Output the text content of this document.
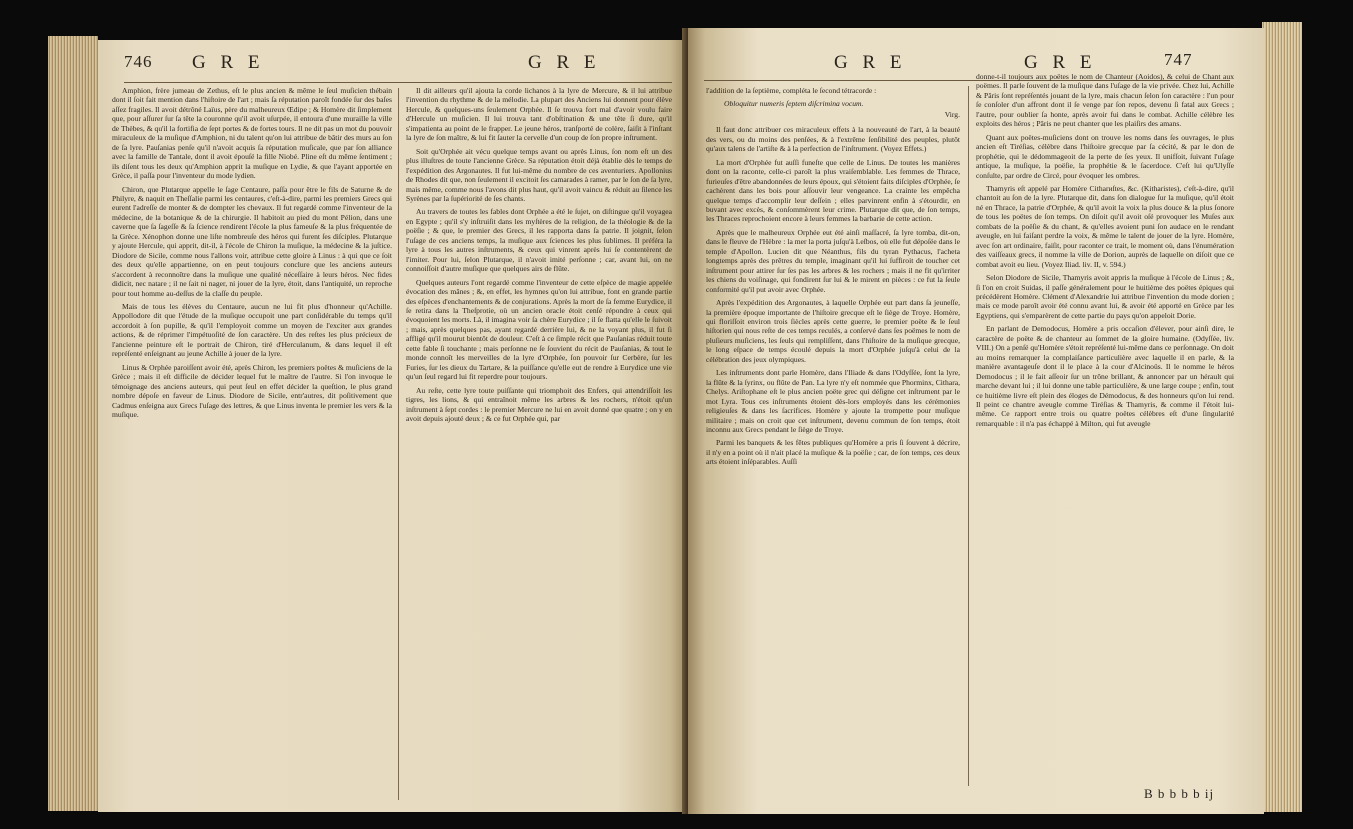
746 G R E	G R E

Amphion, frère jumeau de Zethus, eſt le plus ancien & même le ſeul muſicien thébain dont il ſoit fait mention dans l'hiſtoire de l'art ; mais ſa réputation paroît fondée ſur des baſes aſſez fragiles. Il avoit détrôné Laïus, père du malheureux Œdipe ; & Homère dit ſimplement que, pour aſſurer ſur ſa tête la couronne qu'il avoit uſurpée, il entoura d'une muraille la ville de Thèbes, & qu'il la fortifia de ſept portes & de fortes tours. Il ne dit pas un mot du pouvoir miraculeux de la muſique d'Amphion, ni du talent qu'on lui attribue de bâtir des murs au ſon de ſa lyre. Pauſanias penſe qu'il n'avoit acquis ſa réputation muſicale, que par ſon alliance avec la famille de Tantale, dont il avoit épouſé la fille Niobé. Pline eſt du même ſentiment ; ils diſent tous les deux qu'Amphion apprit la muſique en Lydie, & que l'ayant apportée en Grèce, il paſſa pour l'inventeur du mode lydien.

Chiron, que Plutarque appelle le ſage Centaure, paſſa pour être le fils de Saturne & de Philyre, & naquit en Theſſalie parmi les centaures, c'eſt-à-dire, parmi les premiers Grecs qui eurent l'adreſſe de monter & de dompter les chevaux. Il fut regardé comme l'inventeur de la médecine, de la botanique & de la chirurgie. Il habitoit au pied du mont Pélion, dans une caverne que ſa ſageſſe & ſa ſcience rendirent l'école la plus fameuſe & la plus fréquentée de la Grèce. Xénophon donne une liſte nombreuſe des héros qui furent ſes diſciples. Plutarque y ajoute Hercule, qui apprit, dit-il, à l'école de Chiron la muſique, la médecine & la juſtice. Diodore de Sicile, comme nous l'allons voir, attribue cette gloire à Linus : à qui que ce ſoit des deux qu'elle appartienne, on en peut toujours conclure que les anciens auteurs s'accordent à reconnoître dans la muſique une qualité néceſſaire à leurs héros. Nec fides didicit, nec natare ; il ne ſait ni nager, ni jouer de la lyre, étoit, dans l'antiquité, un reproche pour tout homme au-deſſus de la claſſe du peuple.

Mais de tous les élèves du Centaure, aucun ne lui fit plus d'honneur qu'Achille. Appollodore dit que l'étude de la muſique occupoit une part conſidérable du temps qu'il accordoit à ſon pupille, & qu'il l'employoit comme un moyen de l'exciter aux grandes actions, & de réprimer l'impétuoſité de ſon caractère. Un des reſtes les plus précieux de l'ancienne peinture eſt le portrait de Chiron, tiré d'Herculanum, & dans lequel il eſt repréſenté enſeignant au jeune Achille à jouer de la lyre.

Linus & Orphée paroiſſent avoir été, après Chiron, les premiers poëtes & muſiciens de la Grèce ; mais il eſt difficile de décider lequel fut le maître de l'autre. Si l'on invoque le témoignage des anciens auteurs, qui peut ſeul en effet décider la queſtion, le plus grand nombre dépoſe en faveur de Linus. Diodore de Sicile, entr'autres, dit poſitivement que Cadmus enſeigna aux Grecs l'uſage des lettres, & que Linus inventa le premier les vers & la muſique.

Il dit ailleurs qu'il ajouta la corde lichanos à la lyre de Mercure, & il lui attribue l'invention du rhythme & de la mélodie. La plupart des Anciens lui donnent pour élève Hercule, & quelques-uns ſeulement Orphée. Il ſe trouva fort mal d'avoir voulu faire d'Hercule un muſicien. Il lui trouva tant d'obſtination & une tête ſi dure, qu'il s'impatienta au point de le frapper. Le jeune héros, tranſporté de colère, ſaiſit à l'inſtant la lyre de ſon maître, & lui fit ſauter la cervelle d'un coup de ſon propre inſtrument.

Soit qu'Orphée ait vécu quelque temps avant ou après Linus, ſon nom eſt un des plus illuſtres de toute l'ancienne Grèce. Sa réputation étoit déjà établie dès le temps de l'expédition des Argonautes. Il fut lui-même du nombre de ces aventuriers. Apollonius de Rhodes dit que, non ſeulement il excitoit ſes camarades à ramer, par le ſon de ſa lyre, mais même, comme nous l'avons dit plus haut, qu'il avoit vaincu & réduit au ſilence les Syrènes par la ſupériorité de ſes chants.

Au travers de toutes les fables dont Orphée a été le ſujet, on diſtingue qu'il voyagea en Egypte ; qu'il s'y inſtruiſit dans les myſtères de la religion, de la théologie & de la poëſie ; & que, le premier des Grecs, il les rapporta dans ſa patrie. Il joignit, ſelon l'uſage de ces anciens temps, la muſique aux ſciences les plus ſublimes. Il préféra la lyre à tous les autres inſtruments, & ceux qui vinrent après lui ſe contentèrent de l'imiter. Pour lui, ſelon Plutarque, il n'avoit imité perſonne ; car, avant lui, on ne connoiſſoit d'autre muſique que quelques airs de flûte.

Quelques auteurs l'ont regardé comme l'inventeur de cette eſpèce de magie appelée évocation des mânes ; &, en effet, les hymnes qu'on lui attribue, font en grande partie des eſpèces d'enchantements & de conjurations. Après la mort de ſa femme Eurydice, il ſe retira dans la Theſprotie, où un ancien oracle étoit cenſé répondre à ceux qui évoquoient les morts. Là, il imagina voir ſa chère Eurydice ; il ſe flatta qu'elle le ſuivoit ; mais, après quelques pas, ayant regardé derrière lui, & ne la voyant plus, il fut ſi affligé qu'il mourut bientôt de douleur. C'eſt à ce ſimple récit que Pauſanias réduit toute cette fable ſi touchante ; mais perſonne ne ſe ſouvient du récit de Pauſanias, & tout le monde connoît les merveilles de la lyre d'Orphée, ſon pouvoir ſur Cerbère, ſur les Furies, ſur les dieux du Tartare, & la puiſſance qu'elle eut de rendre à Eurydice une vie qu'un ſeul regard lui fit reperdre pour toujours.

Au reſte, cette lyre toute puiſſante qui triomphoit des Enfers, qui attendriſſoit les tigres, les lions, & qui entraînoit même les arbres & les rochers, n'étoit qu'un inſtrument à ſept cordes : le premier Mercure ne lui en avoit donné que quatre ; on y en avoit depuis ajouté deux ; & ce fut Orphée qui, par

G R E	G R E	747

l'addition de la ſeptième, compléta le ſecond tétracorde :

Obloquitur numeris ſeptem diſcrimina vocum.

Virg.

Il faut donc attribuer ces miraculeux effets à la nouveauté de l'art, à la beauté des vers, ou du moins des penſées, & à l'extrême ſenſibilité des peuples, plutôt qu'aux talens de l'artiſte & à la perfection de l'inſtrument. (Voyez Effets.)

La mort d'Orphée fut auſſi funeſte que celle de Linus. De toutes les manières dont on la raconte, celle-ci paroît la plus vraiſemblable. Les femmes de Thrace, furieuſes d'être abandonnées de leurs époux, qui s'étoient faits diſciples d'Orphée, ſe cachèrent dans les bois pour aſſouvir leur vengeance. La crainte les empêcha quelque temps d'accomplir leur deſſein ; elles parvinrent enfin à s'étourdir, en buvant avec excès, & conſommèrent leur crime. Plutarque dit que, de ſon temps, les Thraces reprochoient encore à leurs femmes la barbarie de cette action.

Après que le malheureux Orphée eut été ainſi maſſacré, ſa lyre tomba, dit-on, dans le fleuve de l'Hèbre : la mer la porta juſqu'à Leſbos, où elle fut dépoſée dans le temple d'Apollon. Lucien dit que Néanthus, fils du tyran Pythacus, l'acheta longtemps après des prêtres du temple, imaginant qu'il lui ſuffiroit de toucher cet inſtrument pour attirer ſur ſes pas les arbres & les rochers ; mais il ne fit qu'irriter les chiens du voiſinage, qui fondirent ſur lui & le mirent en pièces : ce fut la ſeule conformité qu'il put avoir avec Orphée.

Après l'expédition des Argonautes, à laquelle Orphée eut part dans ſa jeuneſſe, la première époque importante de l'hiſtoire grecque eſt le ſiège de Troye. Homère, qui floriſſoit environ trois ſiècles après cette guerre, le premier poëte & le ſeul hiſtorien qui nous reſte de ces temps reculés, a conſervé dans ſes poëmes le nom de pluſieurs muſiciens, les ſeuls qui rempliſſent, dans l'hiſtoire de la muſique grecque, le long eſpace de temps écoulé depuis la mort d'Orphée juſqu'à celui de la célébration des jeux olympiques.

Les inſtruments dont parle Homère, dans l'Iliade & dans l'Odyſſée, ſont la lyre, la flûte & la ſyrinx, ou flûte de Pan. La lyre n'y eſt nommée que Phorminx, Cithara, Chelys. Ariſtophane eſt le plus ancien poëte grec qui déſigne cet inſtrument par le mot Lyra. Tous ces inſtruments étoient dès-lors employés dans les cérémonies religieuſes & dans les ſacrifices. Homère y ajoute la trompette pour muſique militaire ; mais on croit que cet inſtrument, devenu commun de ſon temps, étoit inconnu aux Grecs pendant le ſiège de Troye.

Parmi les banquets & les fêtes publiques qu'Homère a pris ſi ſouvent à décrire, il n'y en a point où il n'ait placé la muſique & la poëſie ; car, de ſon temps, ces deux arts étoient inſéparables. Auſſi

donne-t-il toujours aux poëtes le nom de Chanteur (Aoidos), & celui de Chant aux poëmes. Il parle ſouvent de la muſique dans l'uſage de la vie privée. Chez lui, Achille & Pâris ſont repréſentés jouant de la lyre, mais chacun ſelon ſon caractère : l'un pour ſe conſoler d'un affront dont il ſe venge par ſon repos, devenu ſi fatal aux Grecs ; l'autre, pour oublier ſa honte, après avoir fui dans le combat. Achille célèbre les exploits des héros ; Pâris ne peut chanter que les plaiſirs des amans.

Quant aux poëtes-muſiciens dont on trouve les noms dans ſes ouvrages, le plus ancien eſt Tiréſias, célèbre dans l'hiſtoire grecque par ſa cécité, & par le don de prophétie, qui le dédommageoit de la perte de ſes yeux. Il unifſoit, ſuivant l'uſage antique, la muſique, la poëſie, la prophétie & le ſacerdoce. C'eſt lui qu'Ulyſſe conſulte, par ordre de Circé, pour évoquer les ombres.

Thamyris eſt appelé par Homère Citharиſtes, &c. (Kitharistes), c'eſt-à-dire, qu'il chantoit au ſon de la lyre. Plutarque dit, dans ſon dialogue ſur la muſique, qu'il étoit né en Thrace, la patrie d'Orphée, & qu'il avoit la voix la plus douce & la plus ſonore de tous les poëtes de ſon temps. On diſoit qu'il avoit oſé provoquer les Muſes aux combats de la poëſie & du chant, & qu'elles avoient puni ſon audace en le rendant aveugle, en lui faiſant perdre la voix, & même le talent de jouer de la lyre. Homère, avec ſon art ordinaire, faiſit, pour raconter ce trait, le moment où, dans l'énumération des vaiſſeaux grecs, il nomme la ville de Dorion, auprès de laquelle on diſoit que ce combat avoit eu lieu. (Voyez Iliad. liv. II, v. 594.)

Selon Diodore de Sicile, Thamyris avoit appris la muſique à l'école de Linus ; &, ſi l'on en croit Suidas, il paſſe généralement pour le huitième des poëtes épiques qui précédèrent Homère. Clément d'Alexandrie lui attribue l'invention du mode dorien ; mais ce mode paroît avoir été connu avant lui, & avoir été apporté en Grèce par les Egyptiens, qui s'emparèrent de cette partie du pays qu'on appeloit Dorie.

En parlant de Demodocus, Homère a pris occaſion d'élever, pour ainſi dire, le caractère de poëte & de chanteur au ſommet de la gloire humaine. (Odyſſée, liv. VIII.) On a penſé qu'Homère s'étoit repréſenté lui-même dans ce perſonnage. On doit au moins remarquer la complaiſance particulière avec laquelle il en parle, & la manière avantageuſe dont il le place à la cour d'Alcinoüs. Il le nomme le héros Demodocus ; il le fait aſſeoir ſur un trône brillant, & annoncer par un hérault qui marche devant lui ; il lui donne une table particulière, & une large coupe ; enfin, tout ce huitième livre eſt plein des éloges de Démodocus, & des honneurs qu'on lui rend. Il peint ce chantre aveugle comme Tiréſias & Thamyris, & comme il l'étoit lui-même. Ce rapport entre trois ou quatre poëtes célèbres eſt d'une ſingularité remarquable : il n'a pas échappé à Milton, qui fut aveugle

B b b b b ij
